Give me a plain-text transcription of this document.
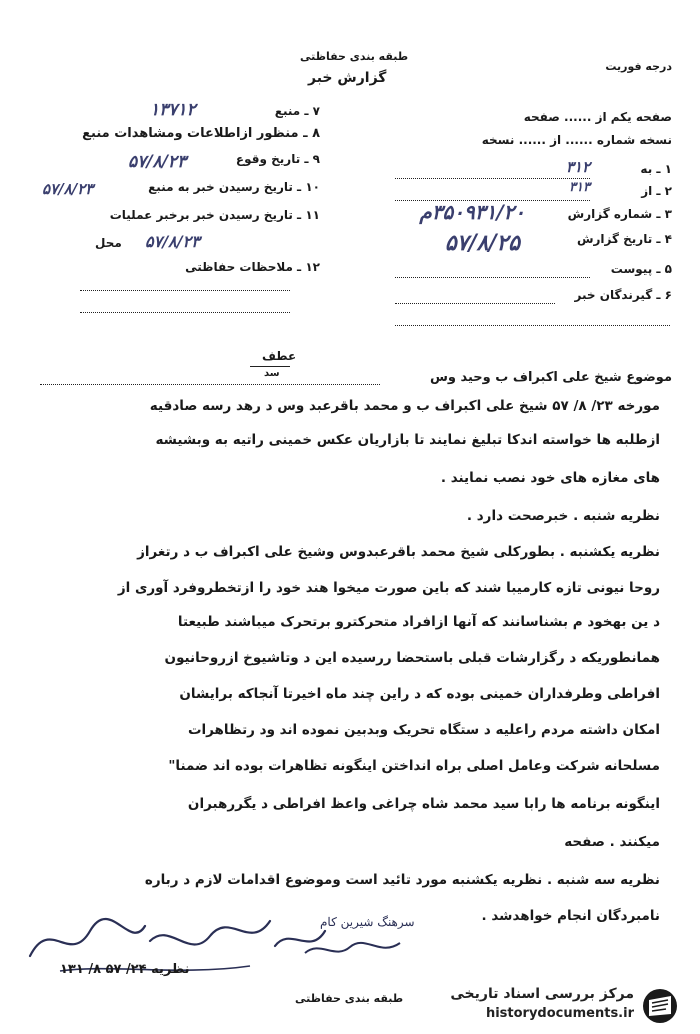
طبقه بندی حفاظتی
گزارش خبر
درجه فوریت
صفحه یکم از ...... صفحه
نسخه شماره ...... از ...... نسخه
۱ ـ به
۳۱۲
۲ ـ از
۳۱۳
۳ ـ شماره گزارش
۳۵۰۹۳۱/۲۰م
۴ ـ تاریخ گزارش
۵۷/۸/۲۵
۵ ـ پیوست
۶ ـ گیرندگان خبر
۷ ـ منبع
۱۳۷۱۲
۸ ـ منظور ازاطلاعات ومشاهدات منبع
۹ ـ تاریخ وقوع
۵۷/۸/۲۳
۱۰ ـ تاریخ رسیدن خبر به منبع
۵۷/۸/۲۳
۱۱ ـ تاریخ رسیدن خبر برخبر عملیات
محل ۵۷/۸/۲۳
۱۲ ـ ملاحظات حفاظتی
عطف
سد	موضوع شیخ علی اکبراف ب وحید وس
مورخه ۲۳/ ۸/ ۵۷ شیخ علی اکبراف ب و محمد باقرعبد وس د رهد رسه صادقیه
ازطلبه ها خواسته اندکا تبلیغ نمایند تا بازاریان عکس خمینی راتیه به وبشیشه
های مغازه های خود نصب نمایند .
نظریه شنبه . خبرصحت دارد .
نظریه یکشنبه . بطورکلی شیخ محمد باقرعبدوس وشیخ علی اکبراف ب د رتغراز
روحا نیونی تازه کارمیبا شند که باین صورت میخوا هند خود را ازتخطروفرد آوری از
د ین بهخود م بشناسانند که آنها ازافراد متحرکترو برتحرک میباشند طبیعتا
همانطوریکه د رگزارشات قبلی باستحضا ررسیده این د وتاشیوخ ازروحانیون
افراطی وطرفداران خمینی بوده که د راین چند ماه اخیرتا آنجاکه برایشان
امکان داشته مردم راعلیه د ستگاه تحریک وبدبین نموده اند ود رتظاهرات
مسلحانه شرکت وعامل اصلی براه انداختن اینگونه تظاهرات بوده اند ضمنا"
اینگونه برنامه ها رابا سید محمد شاه چراغی واعظ افراطی د یگررهبران
میکنند . صفحه
نظریه سه شنبه . نظریه یکشنبه مورد تائید است وموضوع اقدامات لازم د رباره
نامبردگان انجام خواهدشد .
سرهنگ شیرین کام
نظریه ۲۴/ ۵۷ ۸/ ۱۳۱
طبقه بندی حفاظتی	مرکز بررسی اسناد تاریخی
historydocuments.ir
